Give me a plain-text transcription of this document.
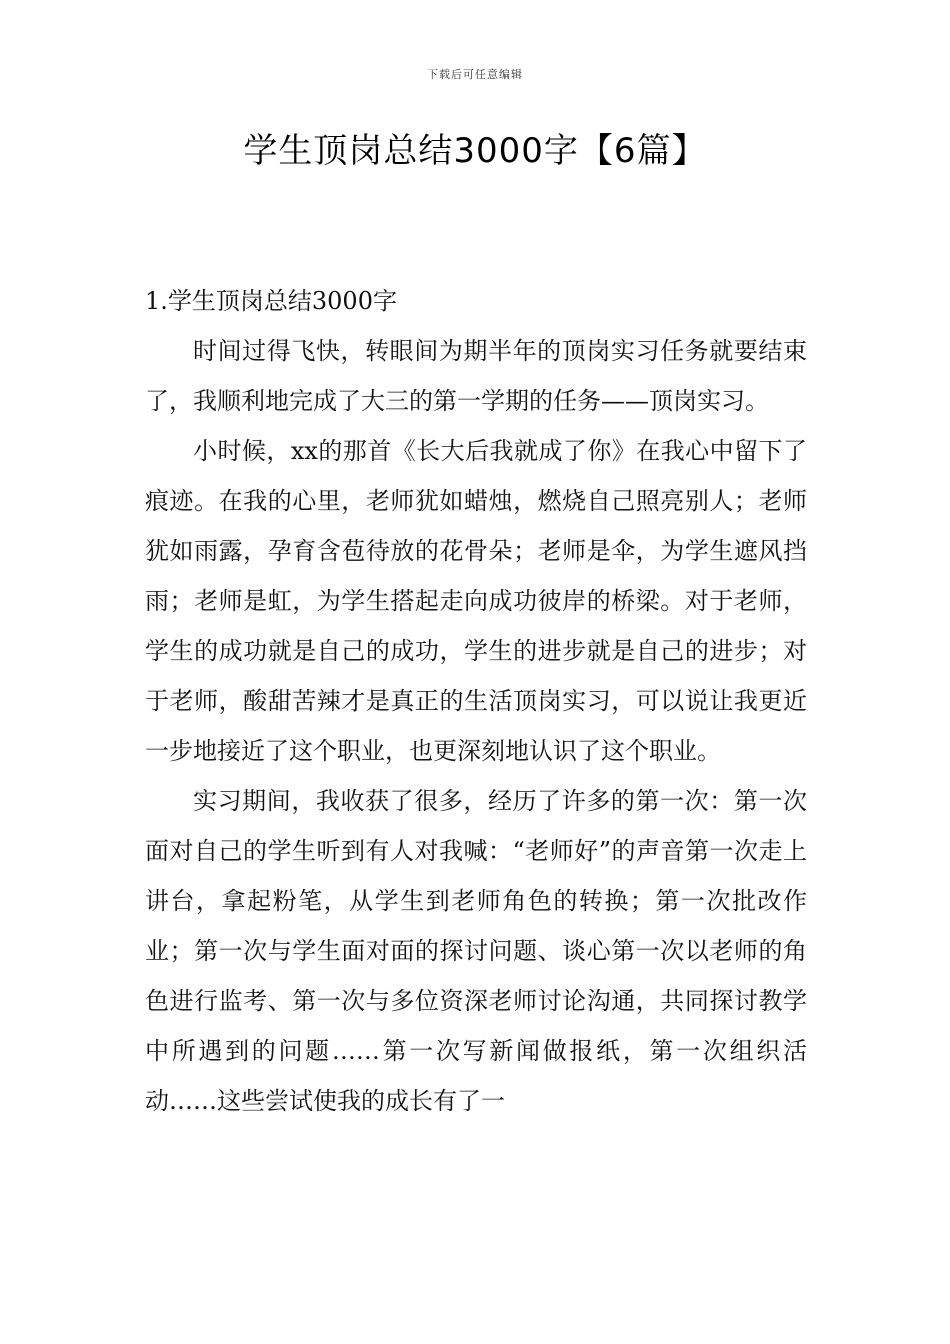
下载后可任意编辑
学生顶岗总结3000字【6篇】
1.学生顶岗总结3000字

时间过得飞快，转眼间为期半年的顶岗实习任务就要结束了，我顺利地完成了大三的第一学期的任务——顶岗实习。

小时候，xx的那首《长大后我就成了你》在我心中留下了痕迹。在我的心里，老师犹如蜡烛，燃烧自己照亮别人；老师犹如雨露，孕育含苞待放的花骨朵；老师是伞，为学生遮风挡雨；老师是虹，为学生搭起走向成功彼岸的桥梁。对于老师，学生的成功就是自己的成功，学生的进步就是自己的进步；对于老师，酸甜苦辣才是真正的生活顶岗实习，可以说让我更近一步地接近了这个职业，也更深刻地认识了这个职业。

实习期间，我收获了很多，经历了许多的第一次：第一次面对自己的学生听到有人对我喊：“老师好”的声音第一次走上讲台，拿起粉笔，从学生到老师角色的转换；第一次批改作业；第一次与学生面对面的探讨问题、谈心第一次以老师的角色进行监考、第一次与多位资深老师讨论沟通，共同探讨教学中所遇到的问题……第一次写新闻做报纸，第一次组织活动……这些尝试使我的成长有了一
